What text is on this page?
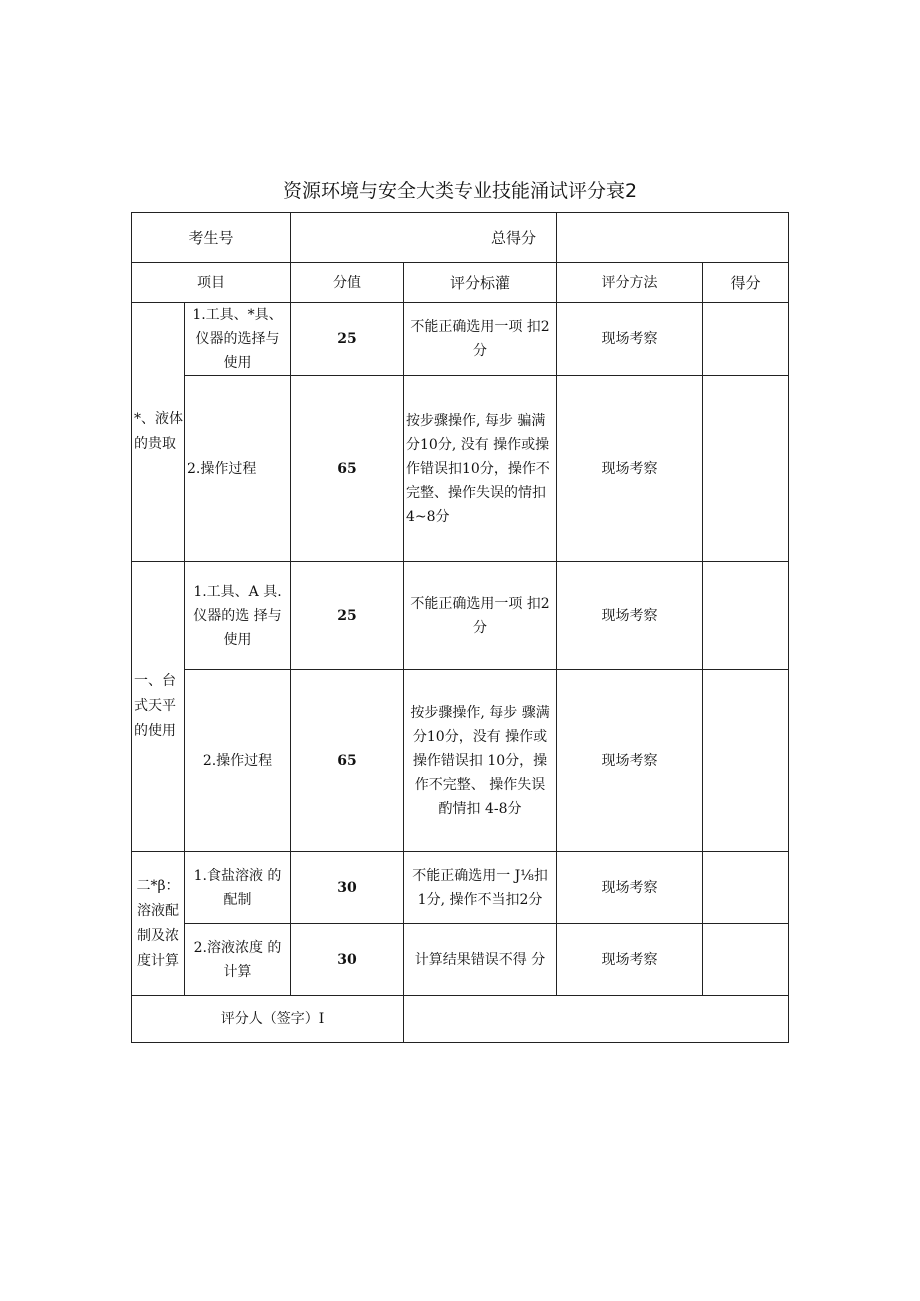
资源环境与安全大类专业技能涌试评分衰2
考生号		总得分			
项目		分值	评分标灌	评分方法	得分
*、液体的贵取	1.工具、*具、仪器的选择与使用	25	不能正确选用一项 扣2分	现场考察	
	2.操作过程	65	按步骤操作, 每步 骗满分10分, 没有 操作或操作错误扣10分，操作不完整、操作失误的情扣 4~8分	现场考察	
一、台式天平的使用	1.工具、A 具.仪器的选 择与使用	25	不能正确选用一项 扣2分	现场考察	
	2.操作过程	65	按步骤操作, 每步 骤满分10分，没有 操作或操作错误扣 10分，操作不完整、 操作失误酌情扣 4-8分	现场考察	
⼆*β：溶液配制及浓度计算	1.食盐溶液 的配制	30	不能正确选用一 J⅛扣1分, 操作不当扣2分	现场考察	
	2.溶液浓度 的计算	30	计算结果错误不得 分	现场考察	
评分人（签字）I					
